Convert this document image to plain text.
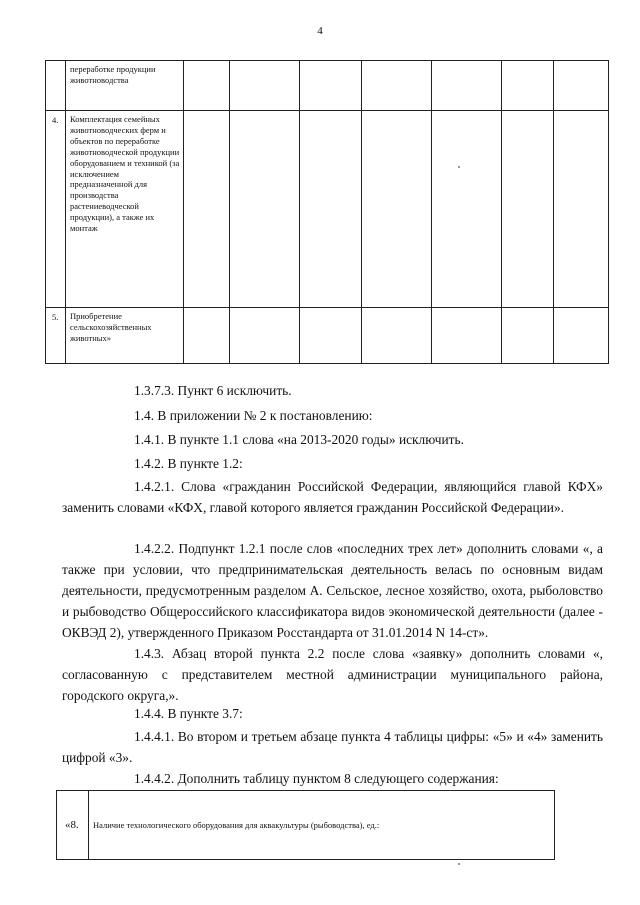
4
	переработке продукции животноводства							
4.	Комплектация семейных животноводческих ферм и объектов по переработке животноводческой продукции оборудованием и техникой (за исключением предназначенной для производства растениеводческой продукции), а также их монтаж							
5.	Приобретение сельскохозяйственных животных»							
1.3.7.3. Пункт 6 исключить.
1.4. В приложении № 2 к постановлению:
1.4.1. В пункте 1.1 слова «на 2013-2020 годы» исключить.
1.4.2. В пункте 1.2:
1.4.2.1. Слова «гражданин Российской Федерации, являющийся главой КФХ» заменить словами «КФХ, главой которого является гражданин Российской Федерации».
1.4.2.2. Подпункт 1.2.1 после слов «последних трех лет» дополнить словами «, а также при условии, что предпринимательская деятельность велась по основным видам деятельности, предусмотренным разделом А. Сельское, лесное хозяйство, охота, рыболовство и рыбоводство Общероссийского классификатора видов экономической деятельности (далее - ОКВЭД 2), утвержденного Приказом Росстандарта от 31.01.2014 N 14-ст».
1.4.3. Абзац второй пункта 2.2 после слова «заявку» дополнить словами «, согласованную с представителем местной администрации муниципального района, городского округа,».
1.4.4. В пункте 3.7:
1.4.4.1. Во втором и третьем абзаце пункта 4 таблицы цифры: «5» и «4» заменить цифрой «3».
1.4.4.2. Дополнить таблицу пунктом 8 следующего содержания:
«8.	Наличие технологического оборудования для аквакультуры (рыбоводства), ед.:
